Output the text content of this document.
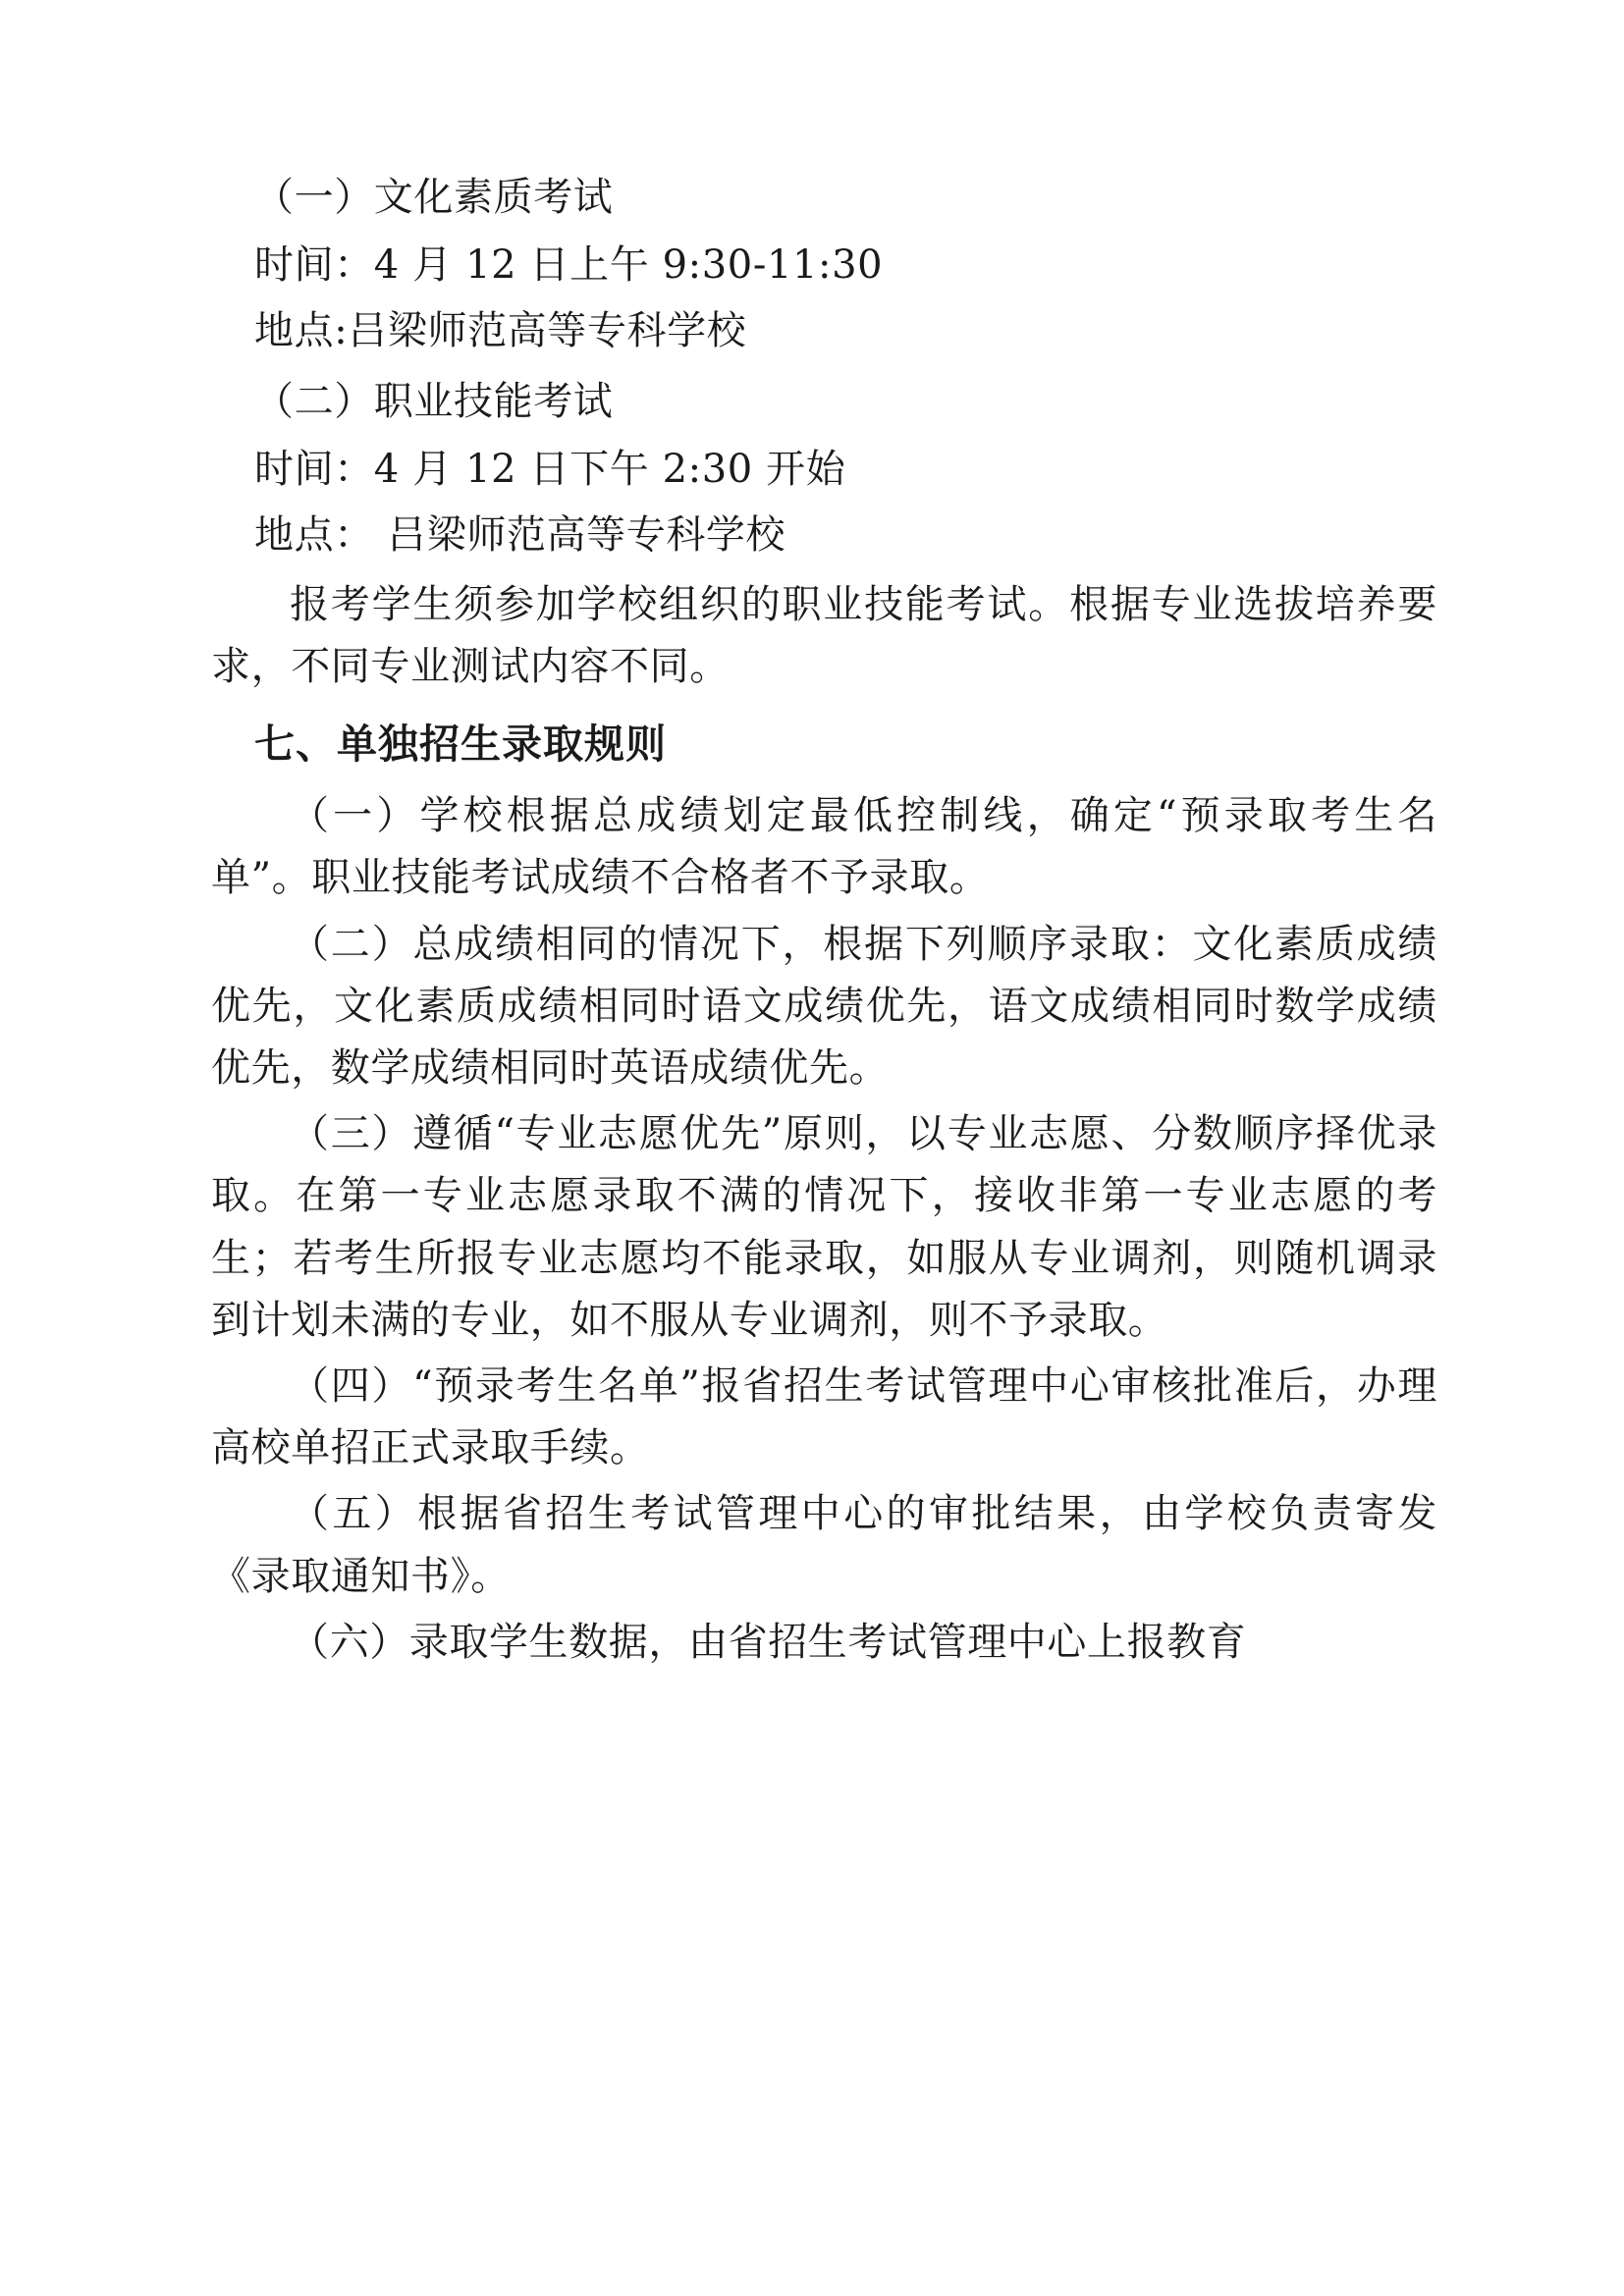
（一）文化素质考试

时间：4 月 12 日上午 9:30-11:30

地点:吕梁师范高等专科学校

（二）职业技能考试

时间：4 月 12 日下午 2:30 开始

地点： 吕梁师范高等专科学校

报考学生须参加学校组织的职业技能考试。根据专业选拔培养要求，不同专业测试内容不同。

七、单独招生录取规则

（一）学校根据总成绩划定最低控制线，确定“预录取考生名单”。职业技能考试成绩不合格者不予录取。

（二）总成绩相同的情况下，根据下列顺序录取：文化素质成绩优先，文化素质成绩相同时语文成绩优先，语文成绩相同时数学成绩优先，数学成绩相同时英语成绩优先。

（三）遵循“专业志愿优先”原则，以专业志愿、分数顺序择优录取。在第一专业志愿录取不满的情况下，接收非第一专业志愿的考生；若考生所报专业志愿均不能录取，如服从专业调剂，则随机调录到计划未满的专业，如不服从专业调剂，则不予录取。

（四）“预录考生名单”报省招生考试管理中心审核批准后，办理高校单招正式录取手续。

（五）根据省招生考试管理中心的审批结果，由学校负责寄发《录取通知书》。

（六）录取学生数据，由省招生考试管理中心上报教育
